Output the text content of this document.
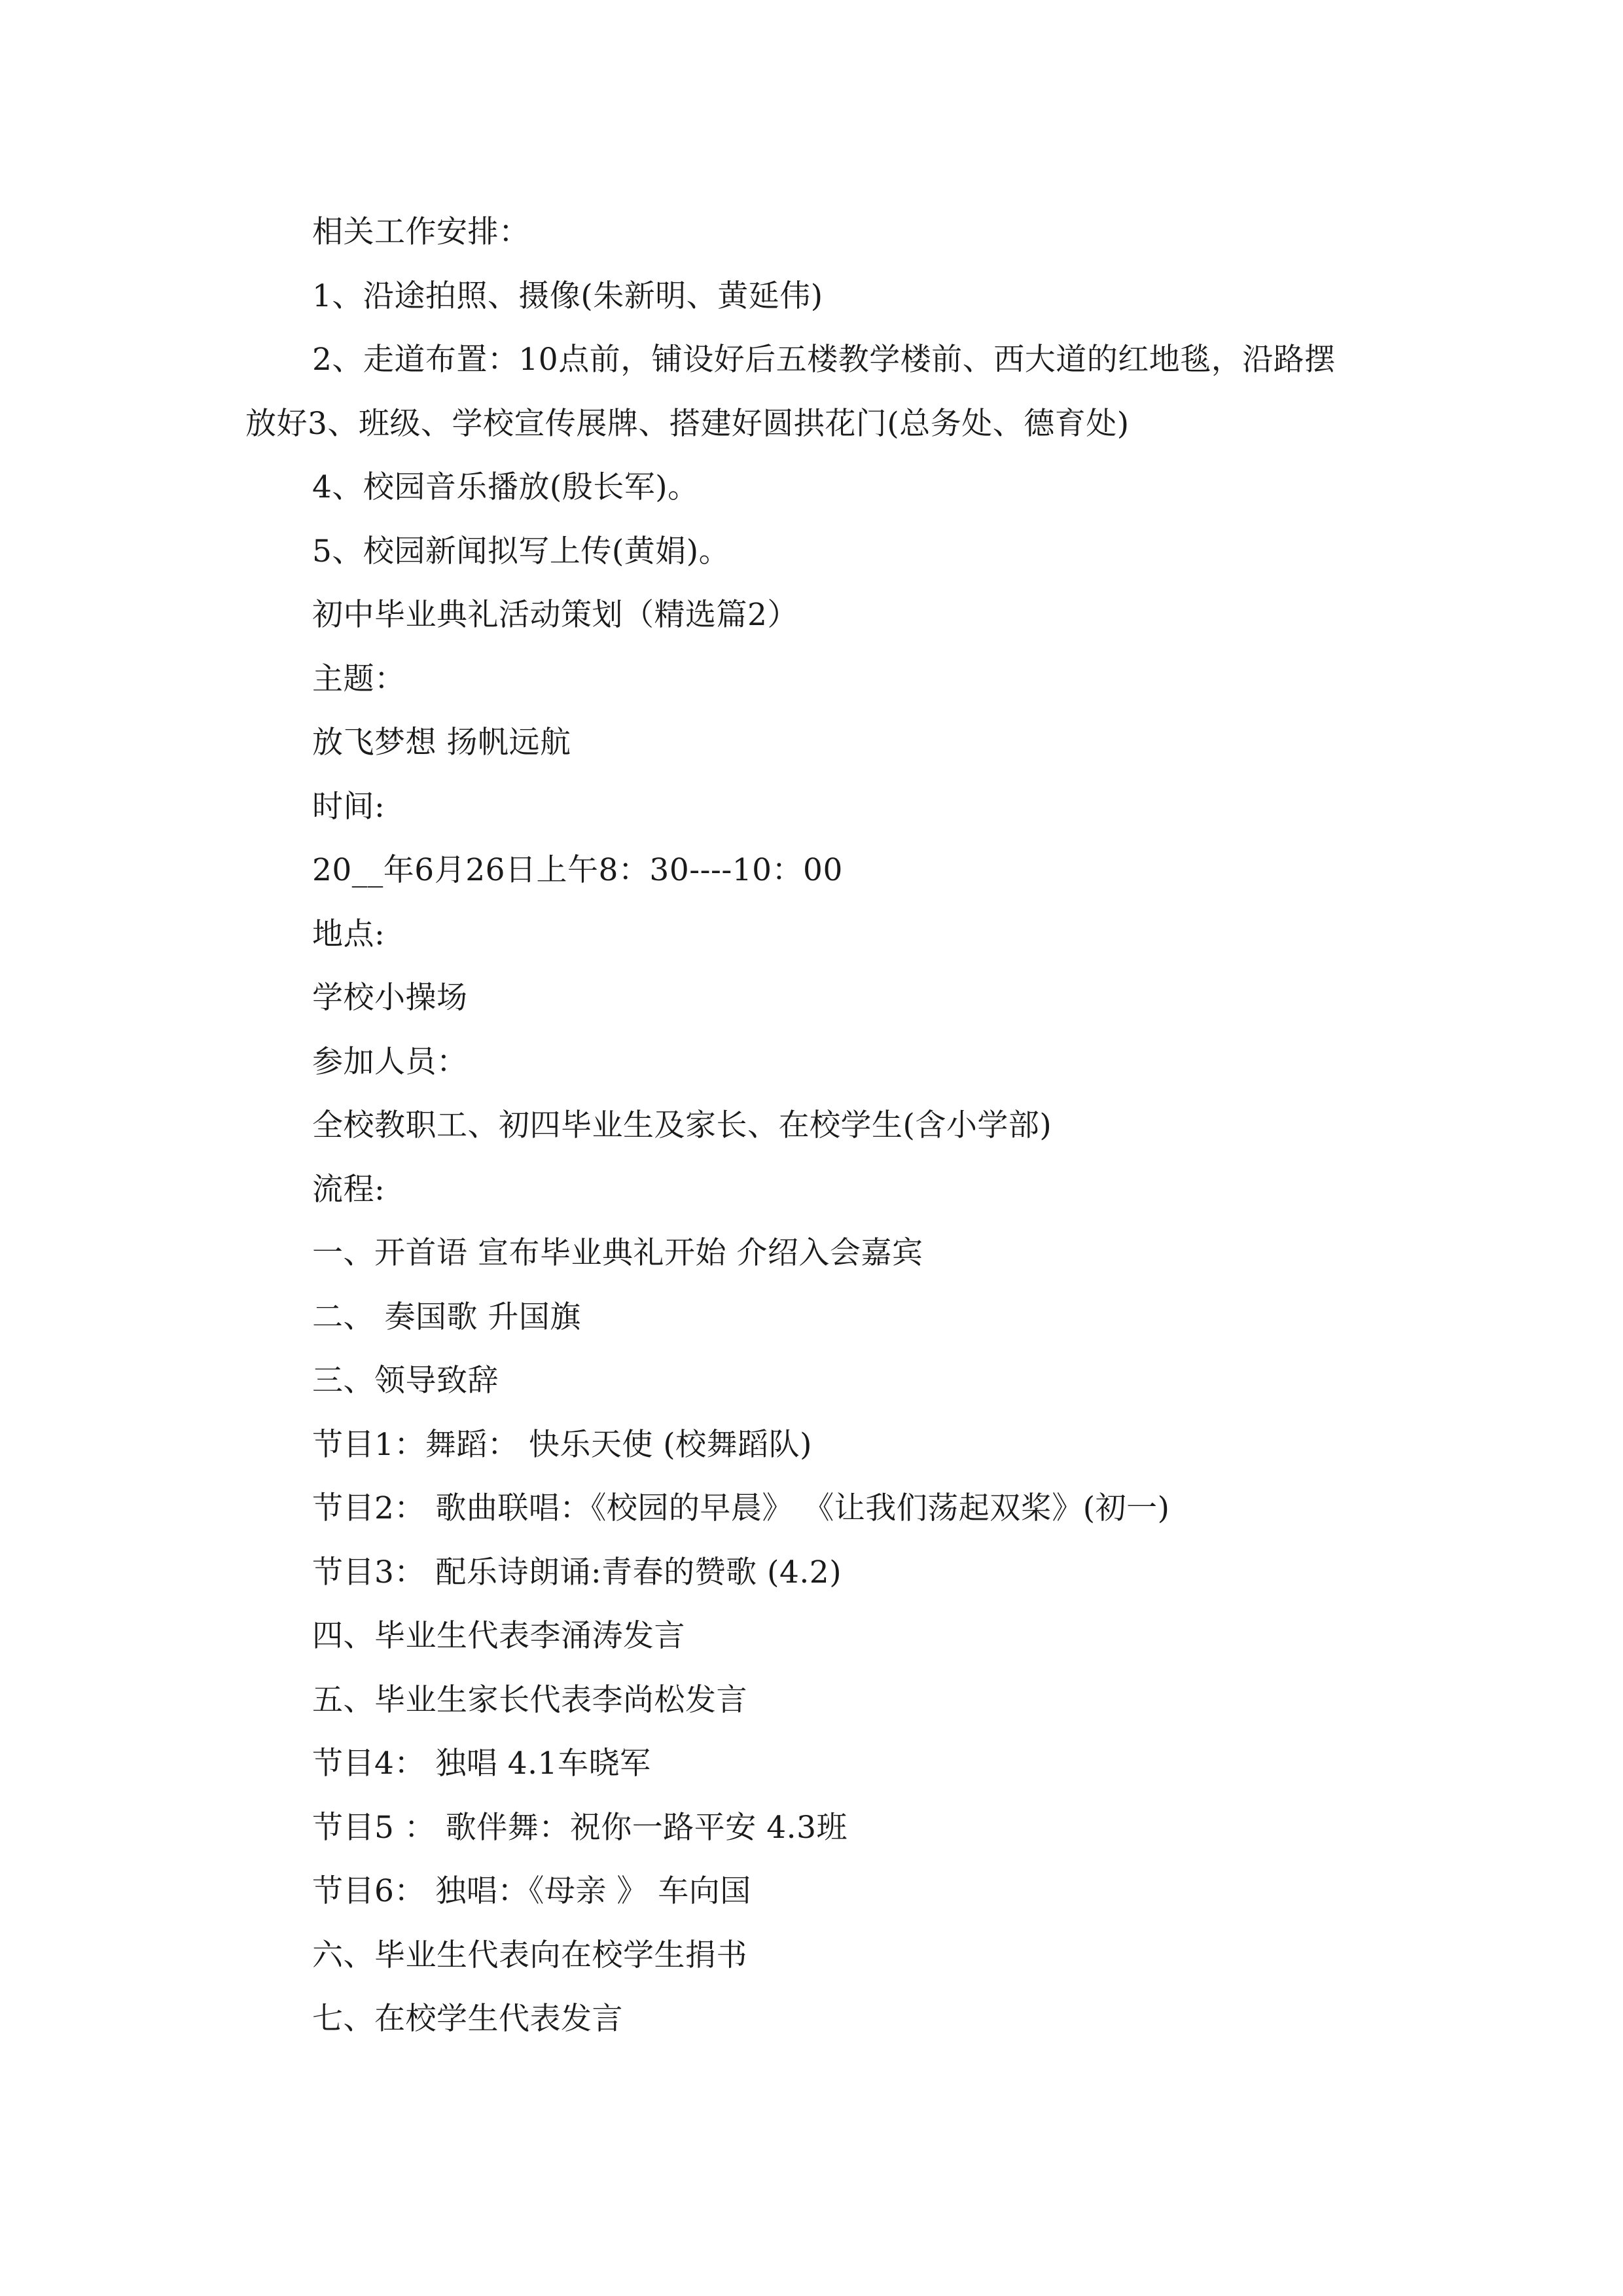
相关工作安排：
1、沿途拍照、摄像(朱新明、黄延伟)
2、走道布置：10点前，铺设好后五楼教学楼前、西大道的红地毯，沿路摆
放好3、班级、学校宣传展牌、搭建好圆拱花门(总务处、德育处)
4、校园音乐播放(殷长军)。
5、校园新闻拟写上传(黄娟)。
初中毕业典礼活动策划（精选篇2）
主题：
放飞梦想 扬帆远航
时间:
20__年6月26日上午8：30----10：00
地点:
学校小操场
参加人员：
全校教职工、初四毕业生及家长、在校学生(含小学部)
流程:
一、开首语 宣布毕业典礼开始 介绍入会嘉宾
二、 奏国歌 升国旗
三、领导致辞
节目1：舞蹈： 快乐天使 (校舞蹈队)
节目2： 歌曲联唱：《校园的早晨》 《让我们荡起双桨》(初一)
节目3： 配乐诗朗诵:青春的赞歌 (4.2)
四、毕业生代表李涌涛发言
五、毕业生家长代表李尚松发言
节目4： 独唱 4.1车晓军
节目5 ： 歌伴舞：祝你一路平安 4.3班
节目6： 独唱：《母亲 》 车向国
六、毕业生代表向在校学生捐书
七、在校学生代表发言
